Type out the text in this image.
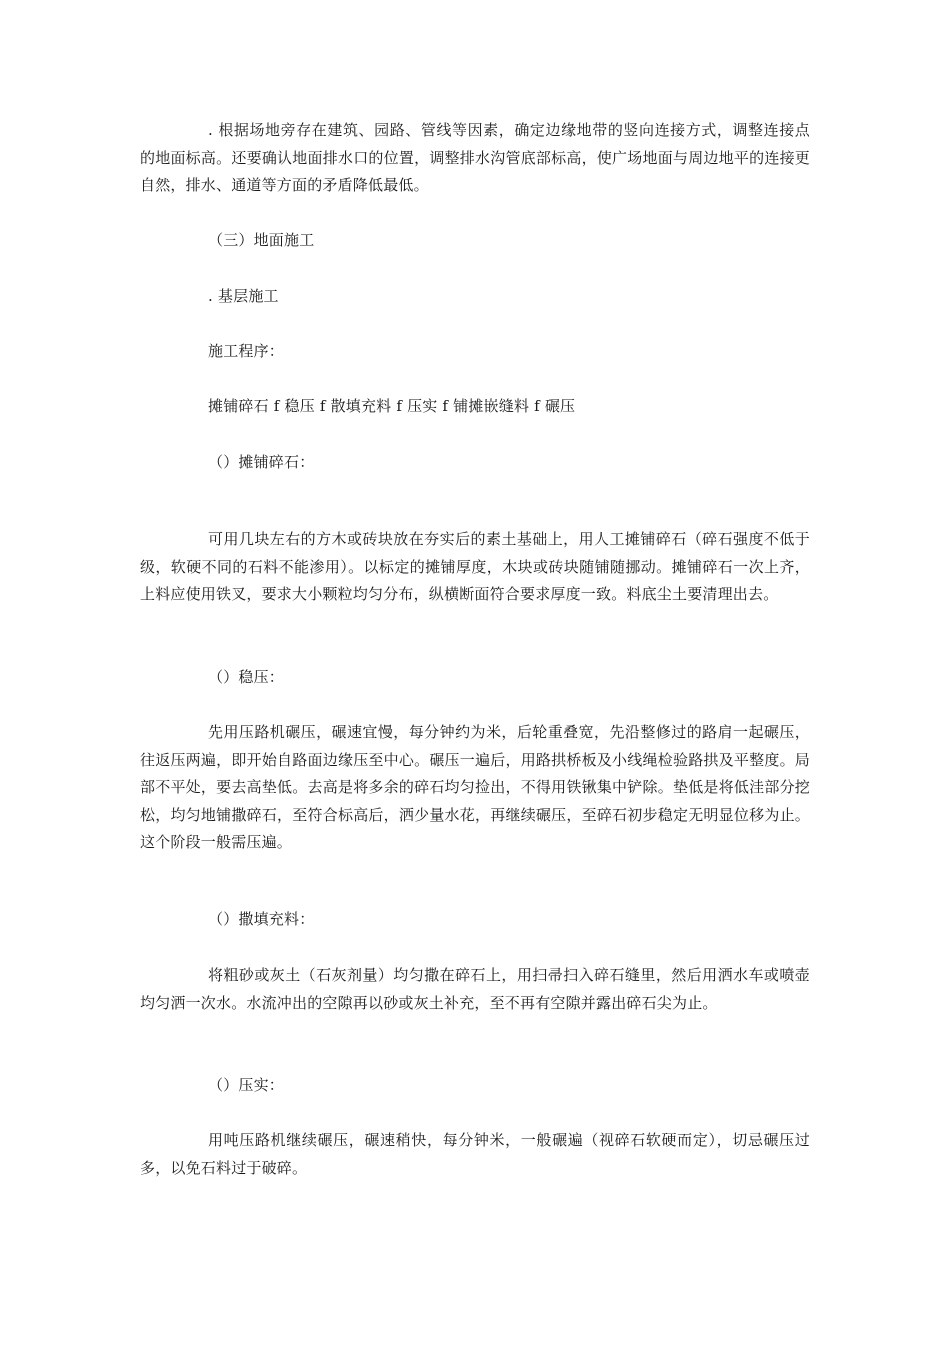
. 根据场地旁存在建筑、园路、管线等因素，确定边缘地带的竖向连接方式，调整连接点的地面标高。还要确认地面排水口的位置，调整排水沟管底部标高，使广场地面与周边地平的连接更自然，排水、通道等方面的矛盾降低最低。

（三）地面施工

. 基层施工

施工程序：

摊铺碎石 f 稳压 f 散填充料 f 压实 f 铺摊嵌缝料 f 碾压

（）摊铺碎石：

可用几块左右的方木或砖块放在夯实后的素土基础上，用人工摊铺碎石（碎石强度不低于级，软硬不同的石料不能渗用）。以标定的摊铺厚度，木块或砖块随铺随挪动。摊铺碎石一次上齐，上料应使用铁叉，要求大小颗粒均匀分布，纵横断面符合要求厚度一致。料底尘土要清理出去。

（）稳压：

先用压路机碾压，碾速宜慢，每分钟约为米，后轮重叠宽，先沿整修过的路肩一起碾压，往返压两遍，即开始自路面边缘压至中心。碾压一遍后，用路拱桥板及小线绳检验路拱及平整度。局部不平处，要去高垫低。去高是将多余的碎石均匀捡出，不得用铁锹集中铲除。垫低是将低洼部分挖松，均匀地铺撒碎石，至符合标高后，洒少量水花，再继续碾压，至碎石初步稳定无明显位移为止。这个阶段一般需压遍。

（）撒填充料：

将粗砂或灰土（石灰剂量）均匀撒在碎石上，用扫帚扫入碎石缝里，然后用洒水车或喷壶均匀洒一次水。水流冲出的空隙再以砂或灰土补充，至不再有空隙并露出碎石尖为止。

（）压实：

用吨压路机继续碾压，碾速稍快，每分钟米，一般碾遍（视碎石软硬而定），切忌碾压过多，以免石料过于破碎。
